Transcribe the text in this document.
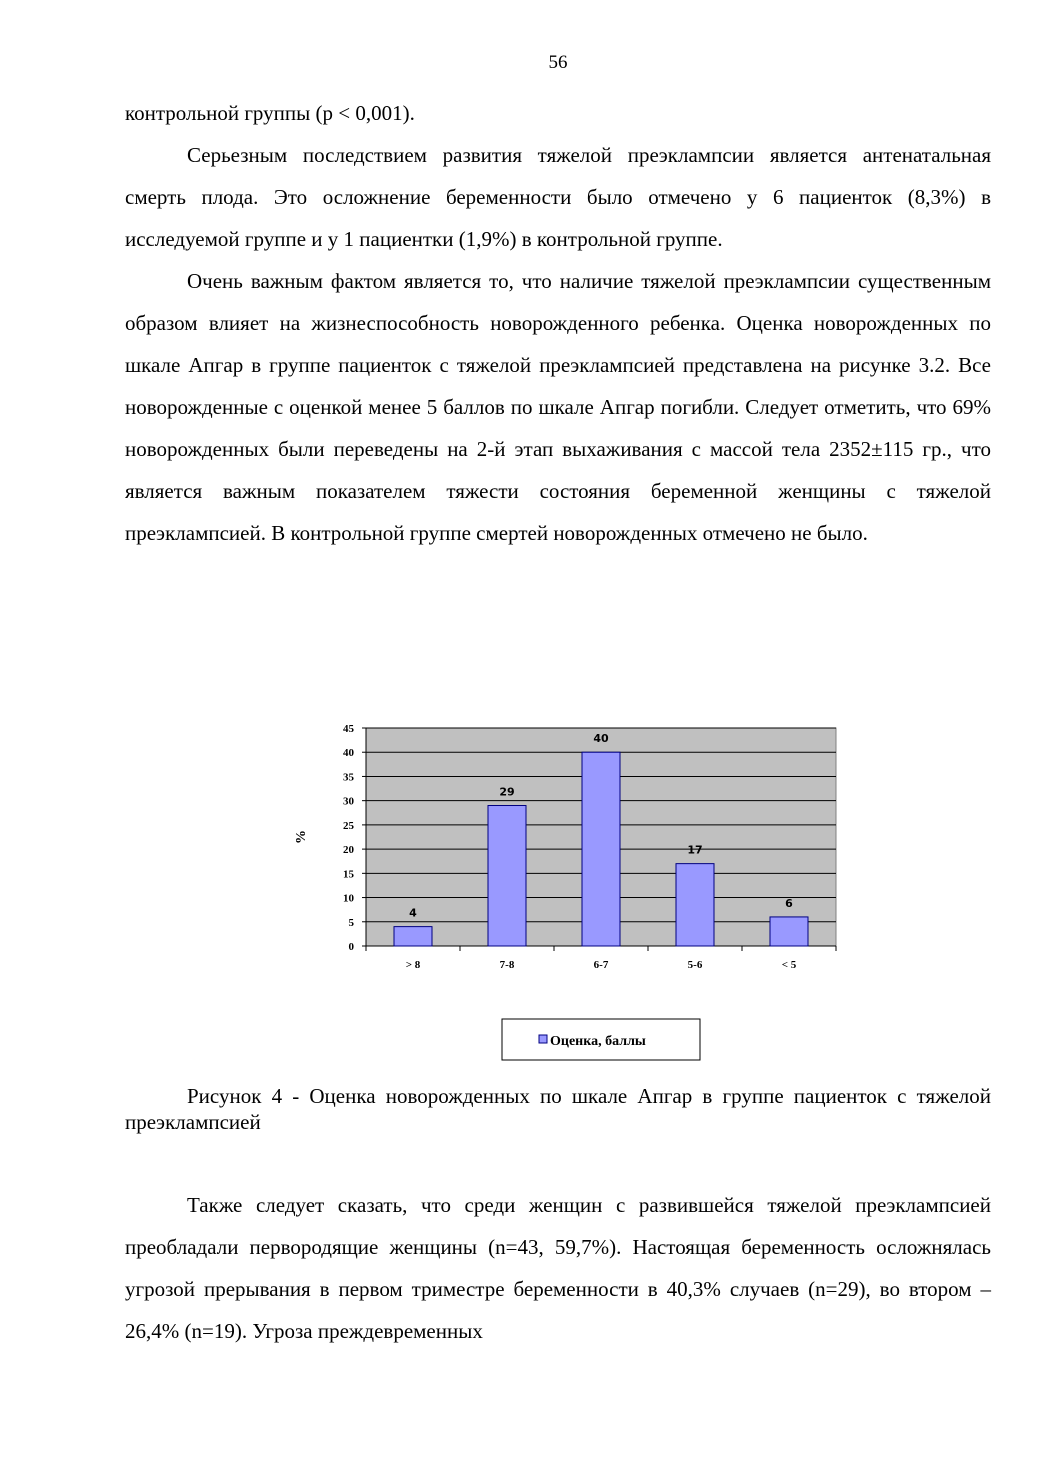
56

контрольной группы (p < 0,001).

Серьезным последствием развития тяжелой преэклампсии является антенатальная смерть плода. Это осложнение беременности было отмечено у 6 пациенток (8,3%) в исследуемой группе и у 1 пациентки (1,9%) в контрольной группе.

Очень важным фактом является то, что наличие тяжелой преэклампсии существенным образом влияет на жизнеспособность новорожденного ребенка. Оценка новорожденных по шкале Апгар в группе пациенток с тяжелой преэклампсией представлена на рисунке 3.2. Все новорожденные с оценкой менее 5 баллов по шкале Апгар погибли. Следует отметить, что 69% новорожденных были переведены на 2-й этап выхаживания с массой тела 2352±115 гр., что является важным показателем тяжести состояния беременной женщины с тяжелой преэклампсией. В контрольной группе смертей новорожденных отмечено не было.

0
5
10
15
20
25
30
35
40
45
4
> 8
29
7-8
40
6-7
17
5-6
6
< 5
%
Оценка, баллы

Рисунок 4 - Оценка новорожденных по шкале Апгар в группе пациенток с тяжелой преэклампсией

Также следует сказать, что среди женщин с развившейся тяжелой преэклампсией преобладали первородящие женщины (n=43, 59,7%). Настоящая беременность осложнялась угрозой прерывания в первом триместре беременности в 40,3% случаев (n=29), во втором – 26,4% (n=19). Угроза преждевременных
